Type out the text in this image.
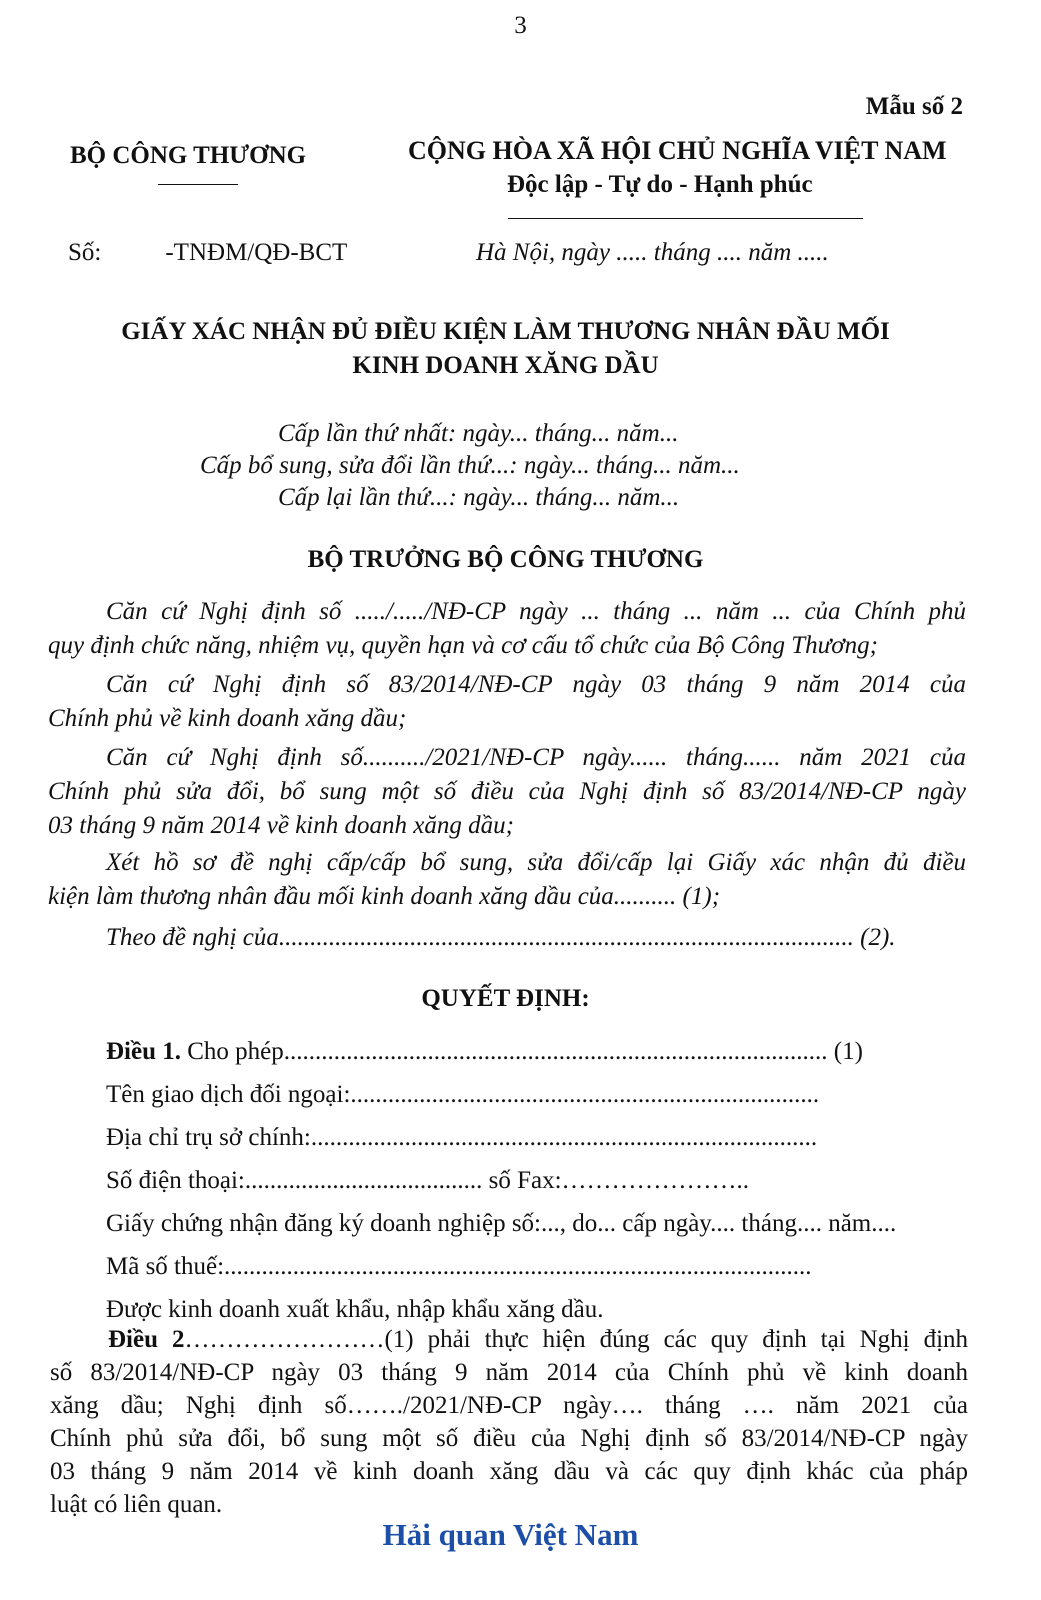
3
Mẫu số 2
BỘ CÔNG THƯƠNG	CỘNG HÒA XÃ HỘI CHỦ NGHĨA VIỆT NAM
Độc lập - Tự do - Hạnh phúc
Số:	-TNĐM/QĐ-BCT	Hà Nội, ngày ..... tháng .... năm .....
GIẤY XÁC NHẬN ĐỦ ĐIỀU KIỆN LÀM THƯƠNG NHÂN ĐẦU MỐI
KINH DOANH XĂNG DẦU
Cấp lần thứ nhất: ngày... tháng... năm...
Cấp bổ sung, sửa đổi lần thứ...: ngày... tháng... năm...
Cấp lại lần thứ...: ngày... tháng... năm...
BỘ TRƯỞNG BỘ CÔNG THƯƠNG
Căn cứ Nghị định số ...../...../NĐ-CP ngày ... tháng ... năm ... của Chính phủ
quy định chức năng, nhiệm vụ, quyền hạn và cơ cấu tổ chức của Bộ Công Thương;
Căn cứ Nghị định số 83/2014/NĐ-CP ngày 03 tháng 9 năm 2014 của
Chính phủ về kinh doanh xăng dầu;
Căn cứ Nghị định số........../2021/NĐ-CP ngày...... tháng...... năm 2021 của
Chính phủ sửa đổi, bổ sung một số điều của Nghị định số 83/2014/NĐ-CP ngày
03 tháng 9 năm 2014 về kinh doanh xăng dầu;
Xét hồ sơ đề nghị cấp/cấp bổ sung, sửa đổi/cấp lại Giấy xác nhận đủ điều
kiện làm thương nhân đầu mối kinh doanh xăng dầu của.......... (1);
Theo đề nghị của............................................................................................ (2).
QUYẾT ĐỊNH:
Điều 1. Cho phép....................................................................................... (1)
Tên giao dịch đối ngoại:...........................................................................
Địa chỉ trụ sở chính:.................................................................................
Số điện thoại:...................................... số Fax:…………………..
Giấy chứng nhận đăng ký doanh nghiệp số:..., do... cấp ngày.... tháng.... năm....
Mã số thuế:..............................................................................................
Được kinh doanh xuất khẩu, nhập khẩu xăng dầu.
Điều 2……………………(1) phải thực hiện đúng các quy định tại Nghị định
số 83/2014/NĐ-CP ngày 03 tháng 9 năm 2014 của Chính phủ về kinh doanh
xăng dầu; Nghị định số……./2021/NĐ-CP ngày…. tháng …. năm 2021 của
Chính phủ sửa đổi, bổ sung một số điều của Nghị định số 83/2014/NĐ-CP ngày
03 tháng 9 năm 2014 về kinh doanh xăng dầu và các quy định khác của pháp
luật có liên quan.
Hải quan Việt Nam
